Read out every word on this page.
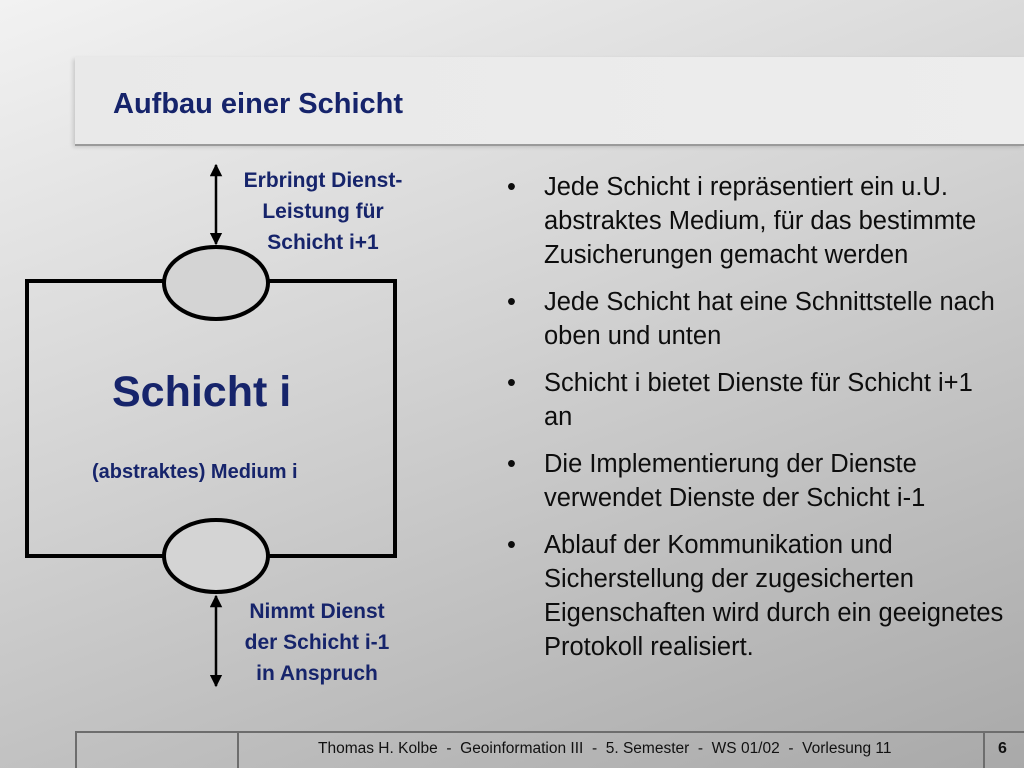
Aufbau einer Schicht
Erbringt Dienst-
Leistung für
Schicht i+1
Schicht i
(abstraktes) Medium i
Nimmt Dienst
der Schicht i-1
in Anspruch
• Jede Schicht i repräsentiert ein u.U. abstraktes Medium, für das bestimmte Zusicherungen gemacht werden
• Jede Schicht hat eine Schnittstelle nach oben und unten
• Schicht i bietet Dienste für Schicht i+1 an
• Die Implementierung der Dienste verwendet Dienste der Schicht i-1
• Ablauf der Kommunikation und Sicherstellung der zugesicherten Eigenschaften wird durch ein geeignetes Protokoll realisiert.
Thomas H. Kolbe  -  Geoinformation III  -  5. Semester  -  WS 01/02  -  Vorlesung 11	6
